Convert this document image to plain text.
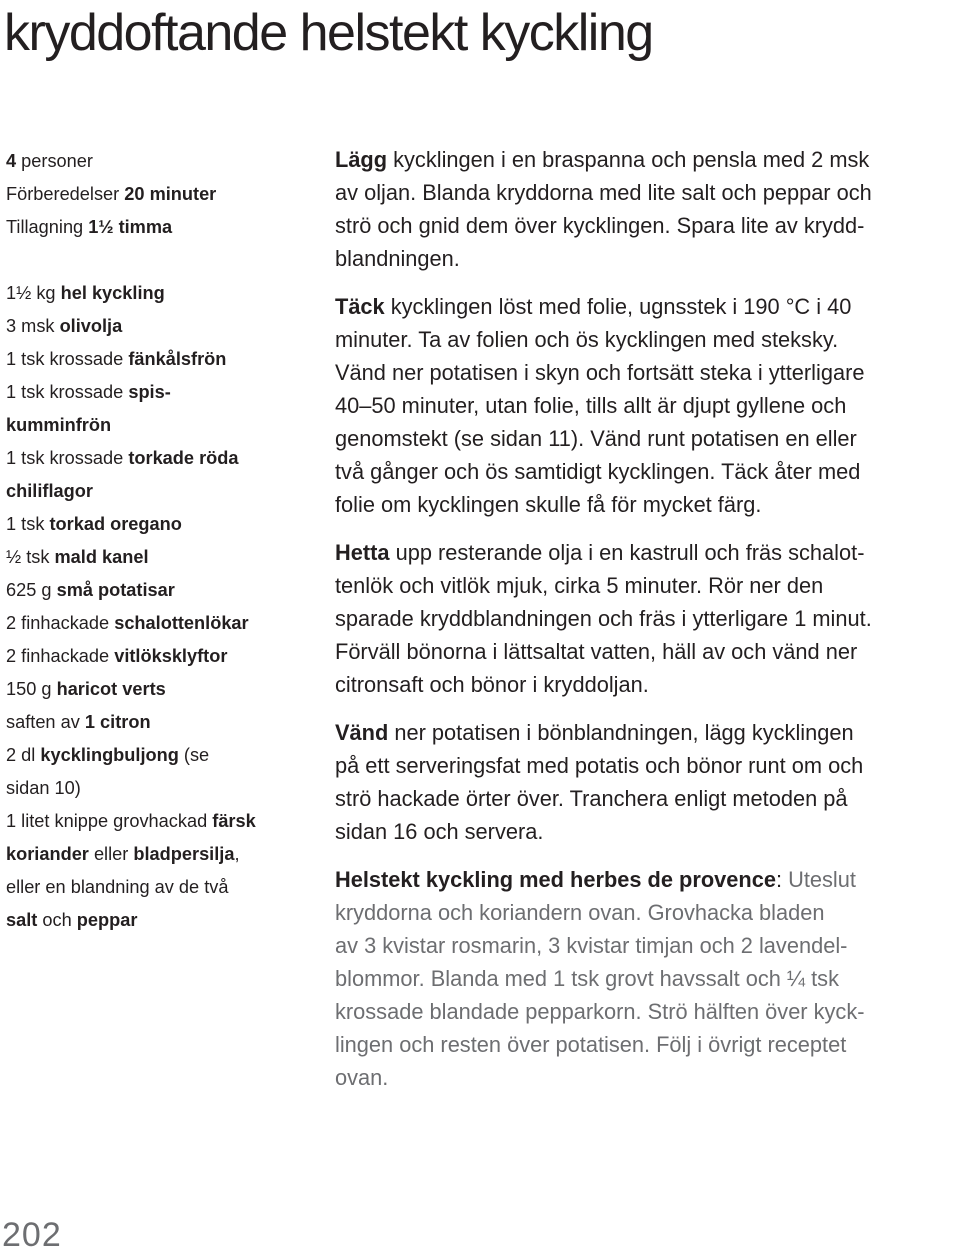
kryddoftande helstekt kyckling
4 personer
Förberedelser 20 minuter
Tillagning 1½ timma
1½ kg hel kyckling
3 msk olivolja
1 tsk krossade fänkålsfrön
1 tsk krossade spis-
kumminfrön
1 tsk krossade torkade röda
chiliflagor
1 tsk torkad oregano
½ tsk mald kanel
625 g små potatisar
2 finhackade schalottenlökar
2 finhackade vitlöksklyftor
150 g haricot verts
saften av 1 citron
2 dl kycklingbuljong (se
sidan 10)
1 litet knippe grovhackad färsk
koriander eller bladpersilja,
eller en blandning av de två
salt och peppar

Lägg kycklingen i en braspanna och pensla med 2 msk
av oljan. Blanda kryddorna med lite salt och peppar och
strö och gnid dem över kycklingen. Spara lite av krydd-
blandningen.

Täck kycklingen löst med folie, ugnsstek i 190 °C i 40
minuter. Ta av folien och ös kycklingen med steksky.
Vänd ner potatisen i skyn och fortsätt steka i ytterligare
40–50 minuter, utan folie, tills allt är djupt gyllene och
genomstekt (se sidan 11). Vänd runt potatisen en eller
två gånger och ös samtidigt kycklingen. Täck åter med
folie om kycklingen skulle få för mycket färg.

Hetta upp resterande olja i en kastrull och fräs schalot-
tenlök och vitlök mjuk, cirka 5 minuter. Rör ner den
sparade kryddblandningen och fräs i ytterligare 1 minut.
Förväll bönorna i lättsaltat vatten, häll av och vänd ner
citronsaft och bönor i kryddoljan.

Vänd ner potatisen i bönblandningen, lägg kycklingen
på ett serveringsfat med potatis och bönor runt om och
strö hackade örter över. Tranchera enligt metoden på
sidan 16 och servera.

Helstekt kyckling med herbes de provence: Uteslut
kryddorna och koriandern ovan. Grovhacka bladen
av 3 kvistar rosmarin, 3 kvistar timjan och 2 lavendel-
blommor. Blanda med 1 tsk grovt havssalt och ¼ tsk
krossade blandade pepparkorn. Strö hälften över kyck-
lingen och resten över potatisen. Följ i övrigt receptet
ovan.

202
